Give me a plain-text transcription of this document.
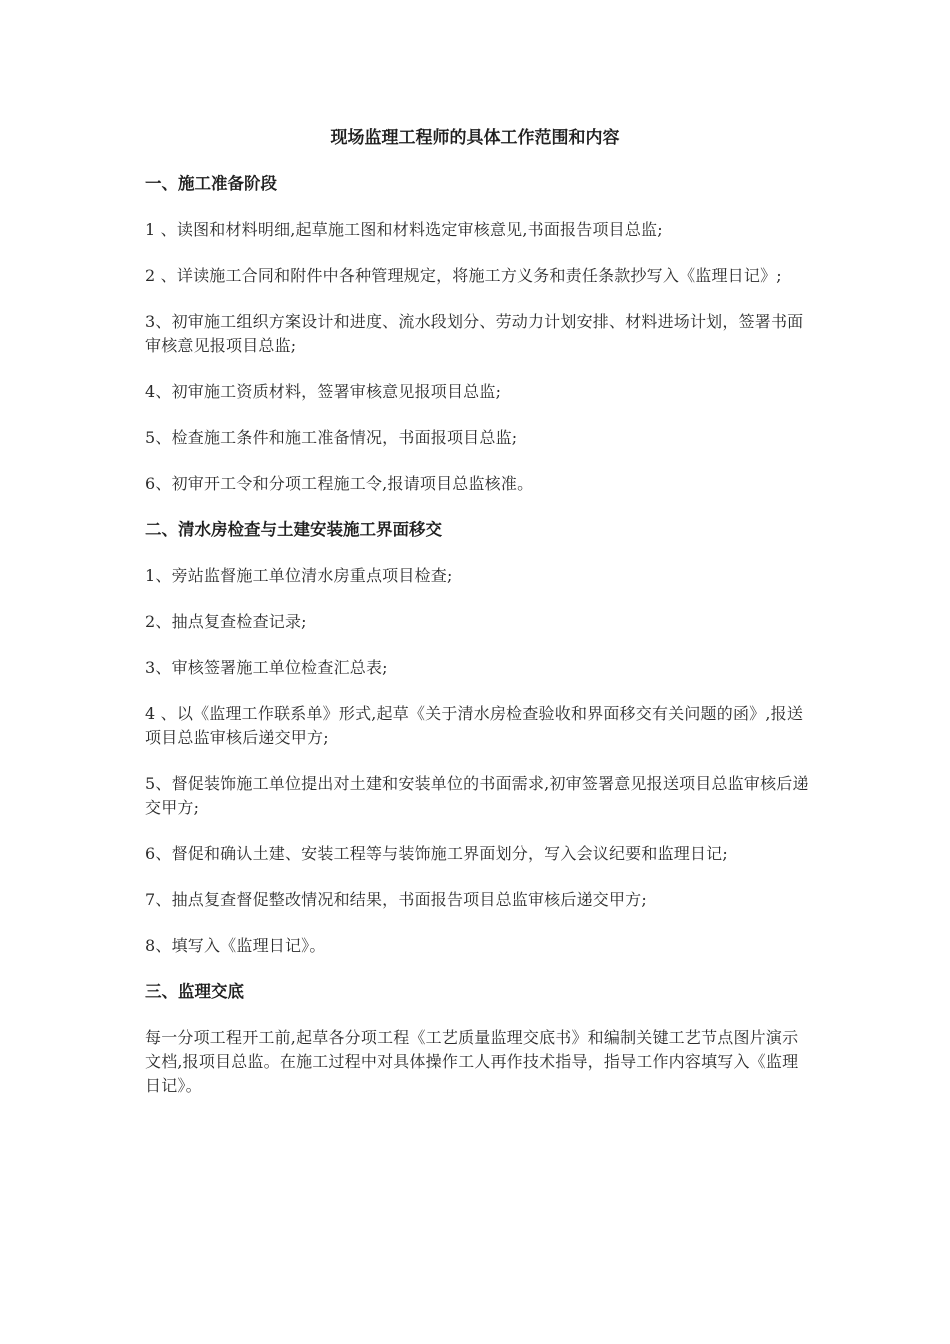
现场监理工程师的具体工作范围和内容
一、施工准备阶段
1 、读图和材料明细,起草施工图和材料选定审核意见,书面报告项目总监;
2 、详读施工合同和附件中各种管理规定，将施工方义务和责任条款抄写入《监理日记》;
3、初审施工组织方案设计和进度、流水段划分、劳动力计划安排、材料进场计划，签署书面审核意见报项目总监;
4、初审施工资质材料，签署审核意见报项目总监;
5、检查施工条件和施工准备情况，书面报项目总监;
6、初审开工令和分项工程施工令,报请项目总监核准。
二、清水房检查与土建安装施工界面移交
1、旁站监督施工单位清水房重点项目检查;
2、抽点复查检查记录;
3、审核签署施工单位检查汇总表;
4 、以《监理工作联系单》形式,起草《关于清水房检查验收和界面移交有关问题的函》,报送项目总监审核后递交甲方;
5、督促装饰施工单位提出对土建和安装单位的书面需求,初审签署意见报送项目总监审核后递交甲方;
6、督促和确认土建、安装工程等与装饰施工界面划分，写入会议纪要和监理日记;
7、抽点复查督促整改情况和结果，书面报告项目总监审核后递交甲方;
8、填写入《监理日记》。
三、监理交底
每一分项工程开工前,起草各分项工程《工艺质量监理交底书》和编制关键工艺节点图片演示文档,报项目总监。在施工过程中对具体操作工人再作技术指导，指导工作内容填写入《监理日记》。
